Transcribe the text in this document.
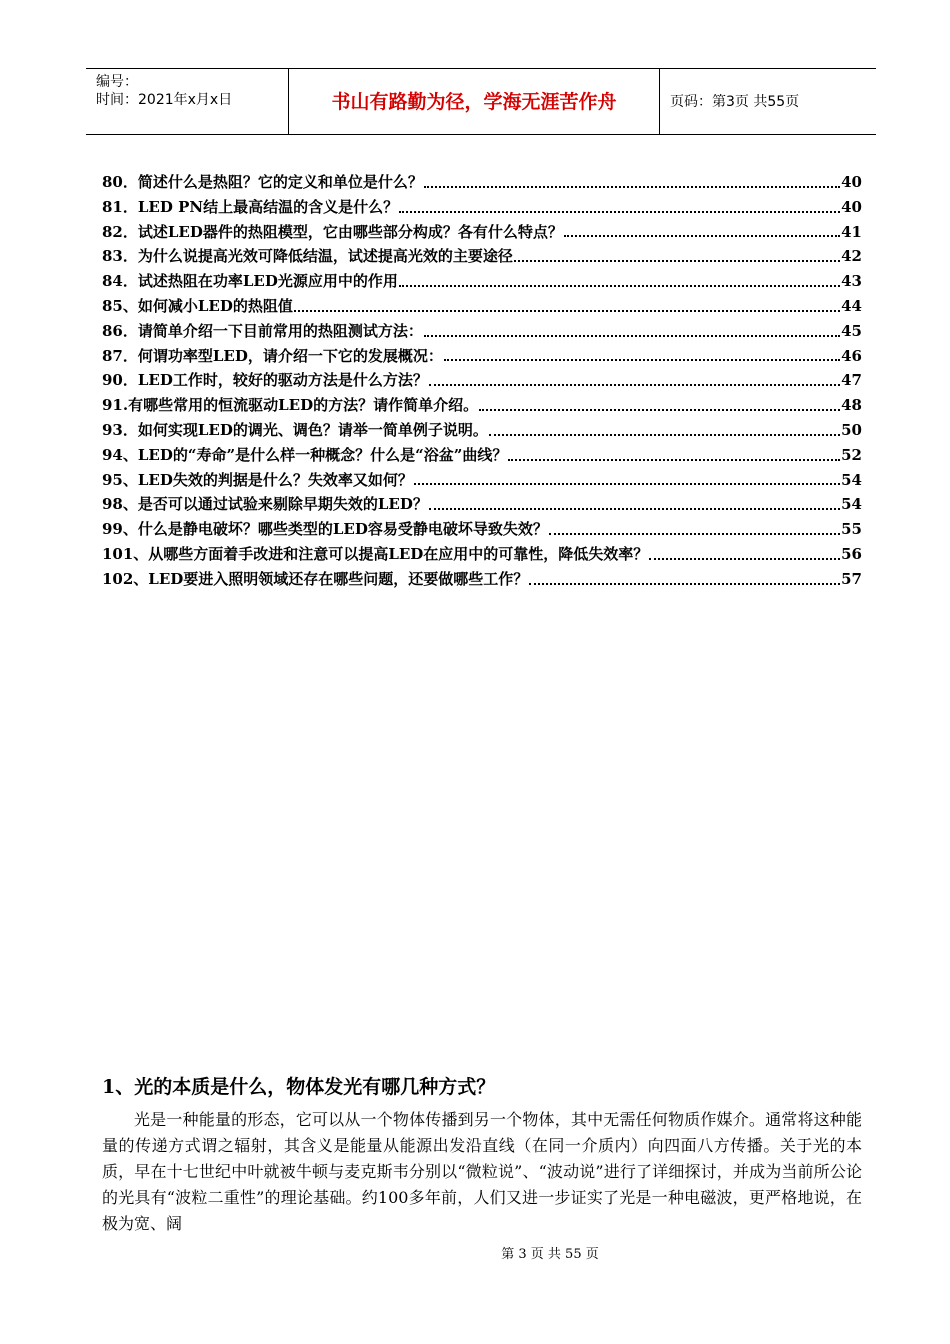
编号：
时间：2021年x月x日	书山有路勤为径，学海无涯苦作舟	页码：第3页 共55页
80．简述什么是热阻？它的定义和单位是什么？	40
81．LED PN结上最高结温的含义是什么？	40
82．试述LED器件的热阻模型，它由哪些部分构成？各有什么特点？	41
83．为什么说提高光效可降低结温，试述提高光效的主要途径	42
84．试述热阻在功率LED光源应用中的作用	43
85、如何减小LED的热阻值	44
86．请简单介绍一下目前常用的热阻测试方法：	45
87．何谓功率型LED，请介绍一下它的发展概况：	46
90．LED工作时，较好的驱动方法是什么方法？	47
91.有哪些常用的恒流驱动LED的方法？请作简单介绍。	48
93．如何实现LED的调光、调色？请举一简单例子说明。	50
94、LED的“寿命”是什么样一种概念？什么是“浴盆”曲线？	52
95、LED失效的判据是什么？失效率又如何？	54
98、是否可以通过试验来剔除早期失效的LED？	54
99、什么是静电破坏？哪些类型的LED容易受静电破坏导致失效？	55
101、从哪些方面着手改进和注意可以提高LED在应用中的可靠性，降低失效率？	56
102、LED要进入照明领域还存在哪些问题，还要做哪些工作？	57
1、光的本质是什么，物体发光有哪几种方式？
光是一种能量的形态，它可以从一个物体传播到另一个物体，其中无需任何物质作媒介。通常将这种能量的传递方式谓之辐射，其含义是能量从能源出发沿直线（在同一介质内）向四面八方传播。关于光的本质，早在十七世纪中叶就被牛顿与麦克斯韦分别以“微粒说”、“波动说”进行了详细探讨，并成为当前所公论的光具有“波粒二重性”的理论基础。约100多年前，人们又进一步证实了光是一种电磁波，更严格地说，在极为宽、阔
第 3 页 共 55 页
